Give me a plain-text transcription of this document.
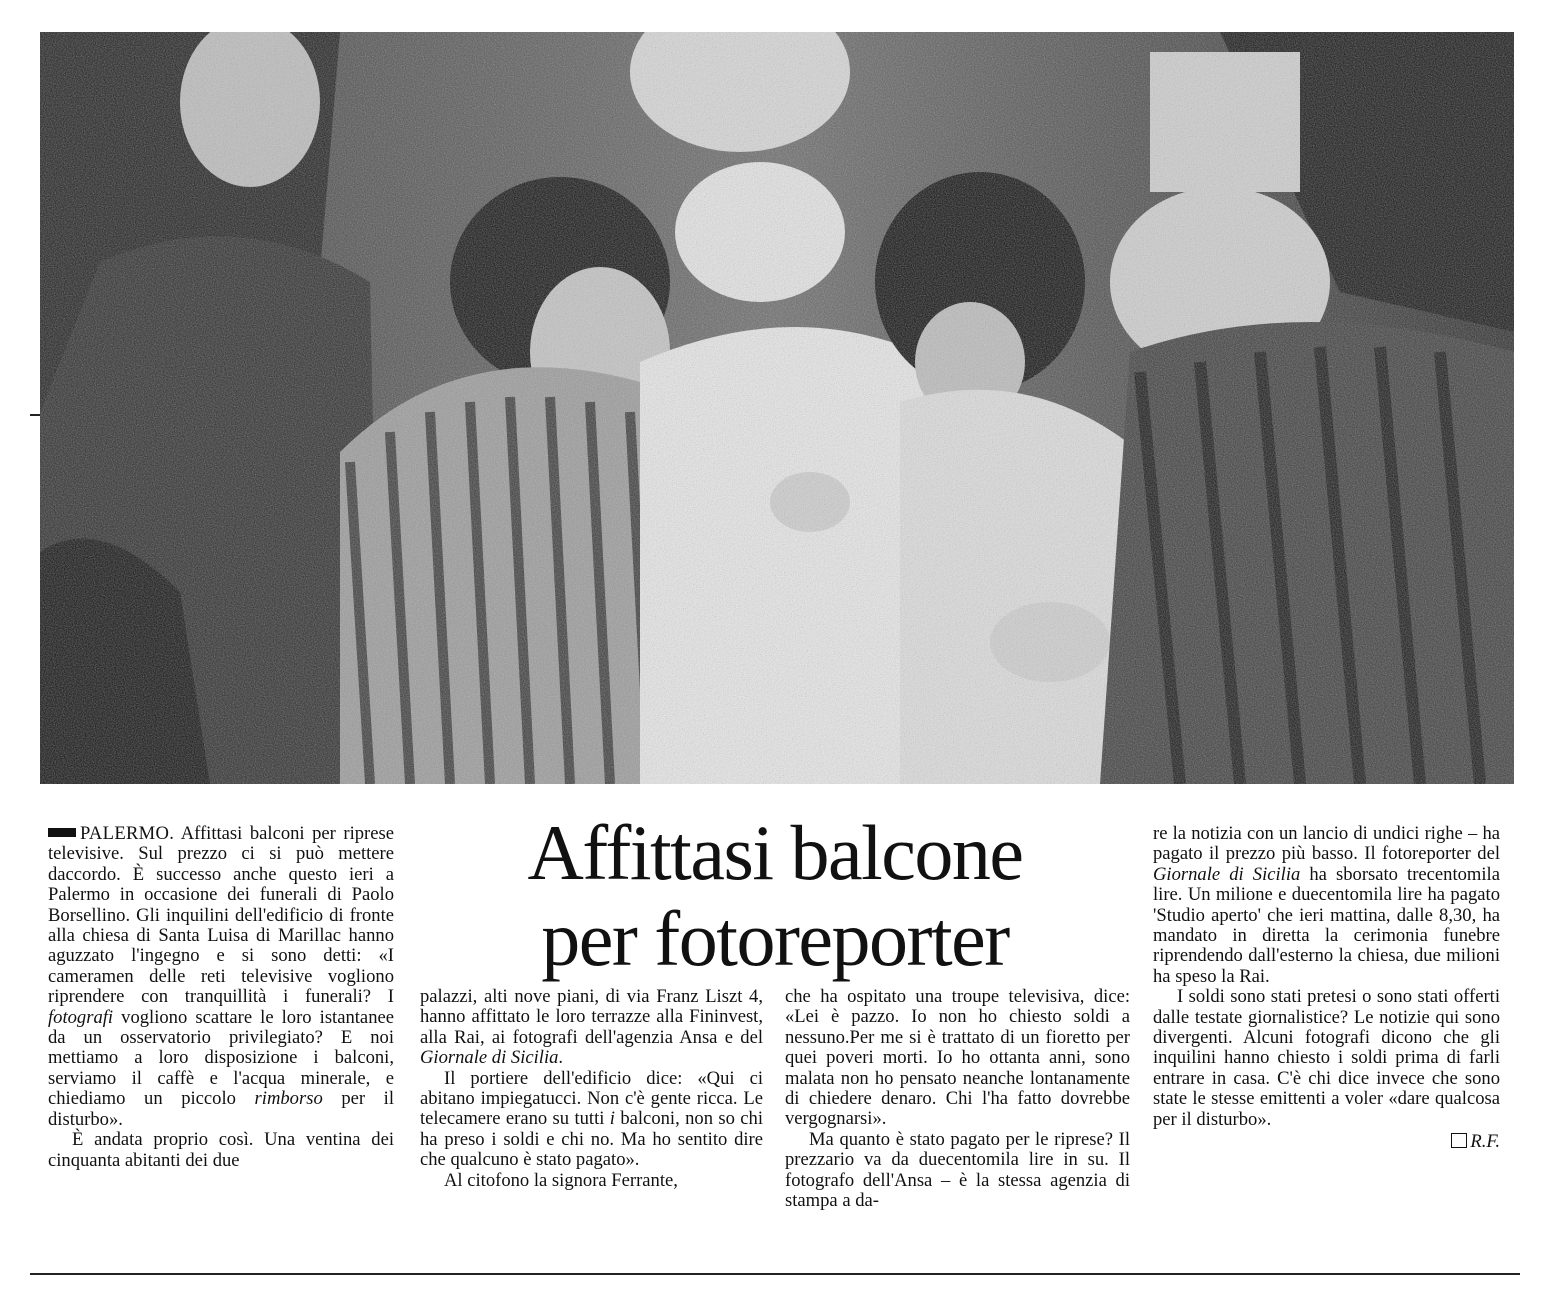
Affittasi balcone
per fotoreporter

PALERMO. Affittasi balconi per riprese televisive. Sul prezzo ci si può mettere daccordo. È successo anche questo ieri a Palermo in occasione dei funerali di Paolo Borsellino. Gli inquilini dell'edificio di fronte alla chiesa di Santa Luisa di Marillac hanno aguzzato l'ingegno e si sono detti: «I cameramen delle reti televisive vogliono riprendere con tranquillità i funerali? I fotografi vogliono scattare le loro istantanee da un osservatorio privilegiato? E noi mettiamo a loro disposizione i balconi, serviamo il caffè e l'acqua minerale, e chiediamo un piccolo rimborso per il disturbo».

È andata proprio così. Una ventina dei cinquanta abitanti dei due

palazzi, alti nove piani, di via Franz Liszt 4, hanno affittato le loro terrazze alla Fininvest, alla Rai, ai fotografi dell'agenzia Ansa e del Giornale di Sicilia.

Il portiere dell'edificio dice: «Qui ci abitano impiegatucci. Non c'è gente ricca. Le telecamere erano su tutti i balconi, non so chi ha preso i soldi e chi no. Ma ho sentito dire che qualcuno è stato pagato».

Al citofono la signora Ferrante,

che ha ospitato una troupe televisiva, dice: «Lei è pazzo. Io non ho chiesto soldi a nessuno.Per me si è trattato di un fioretto per quei poveri morti. Io ho ottanta anni, sono malata non ho pensato neanche lontanamente di chiedere denaro. Chi l'ha fatto dovrebbe vergognarsi».

Ma quanto è stato pagato per le riprese? Il prezzario va da duecentomila lire in su. Il fotografo dell'Ansa – è la stessa agenzia di stampa a da-

re la notizia con un lancio di undici righe – ha pagato il prezzo più basso. Il fotoreporter del Giornale di Sicilia ha sborsato trecentomila lire. Un milione e duecentomila lire ha pagato 'Studio aperto' che ieri mattina, dalle 8,30, ha mandato in diretta la cerimonia funebre riprendendo dall'esterno la chiesa, due milioni ha speso la Rai.

I soldi sono stati pretesi o sono stati offerti dalle testate giornalistice? Le notizie qui sono divergenti. Alcuni fotografi dicono che gli inquilini hanno chiesto i soldi prima di farli entrare in casa. C'è chi dice invece che sono state le stesse emittenti a voler «dare qualcosa per il disturbo».

R.F.
